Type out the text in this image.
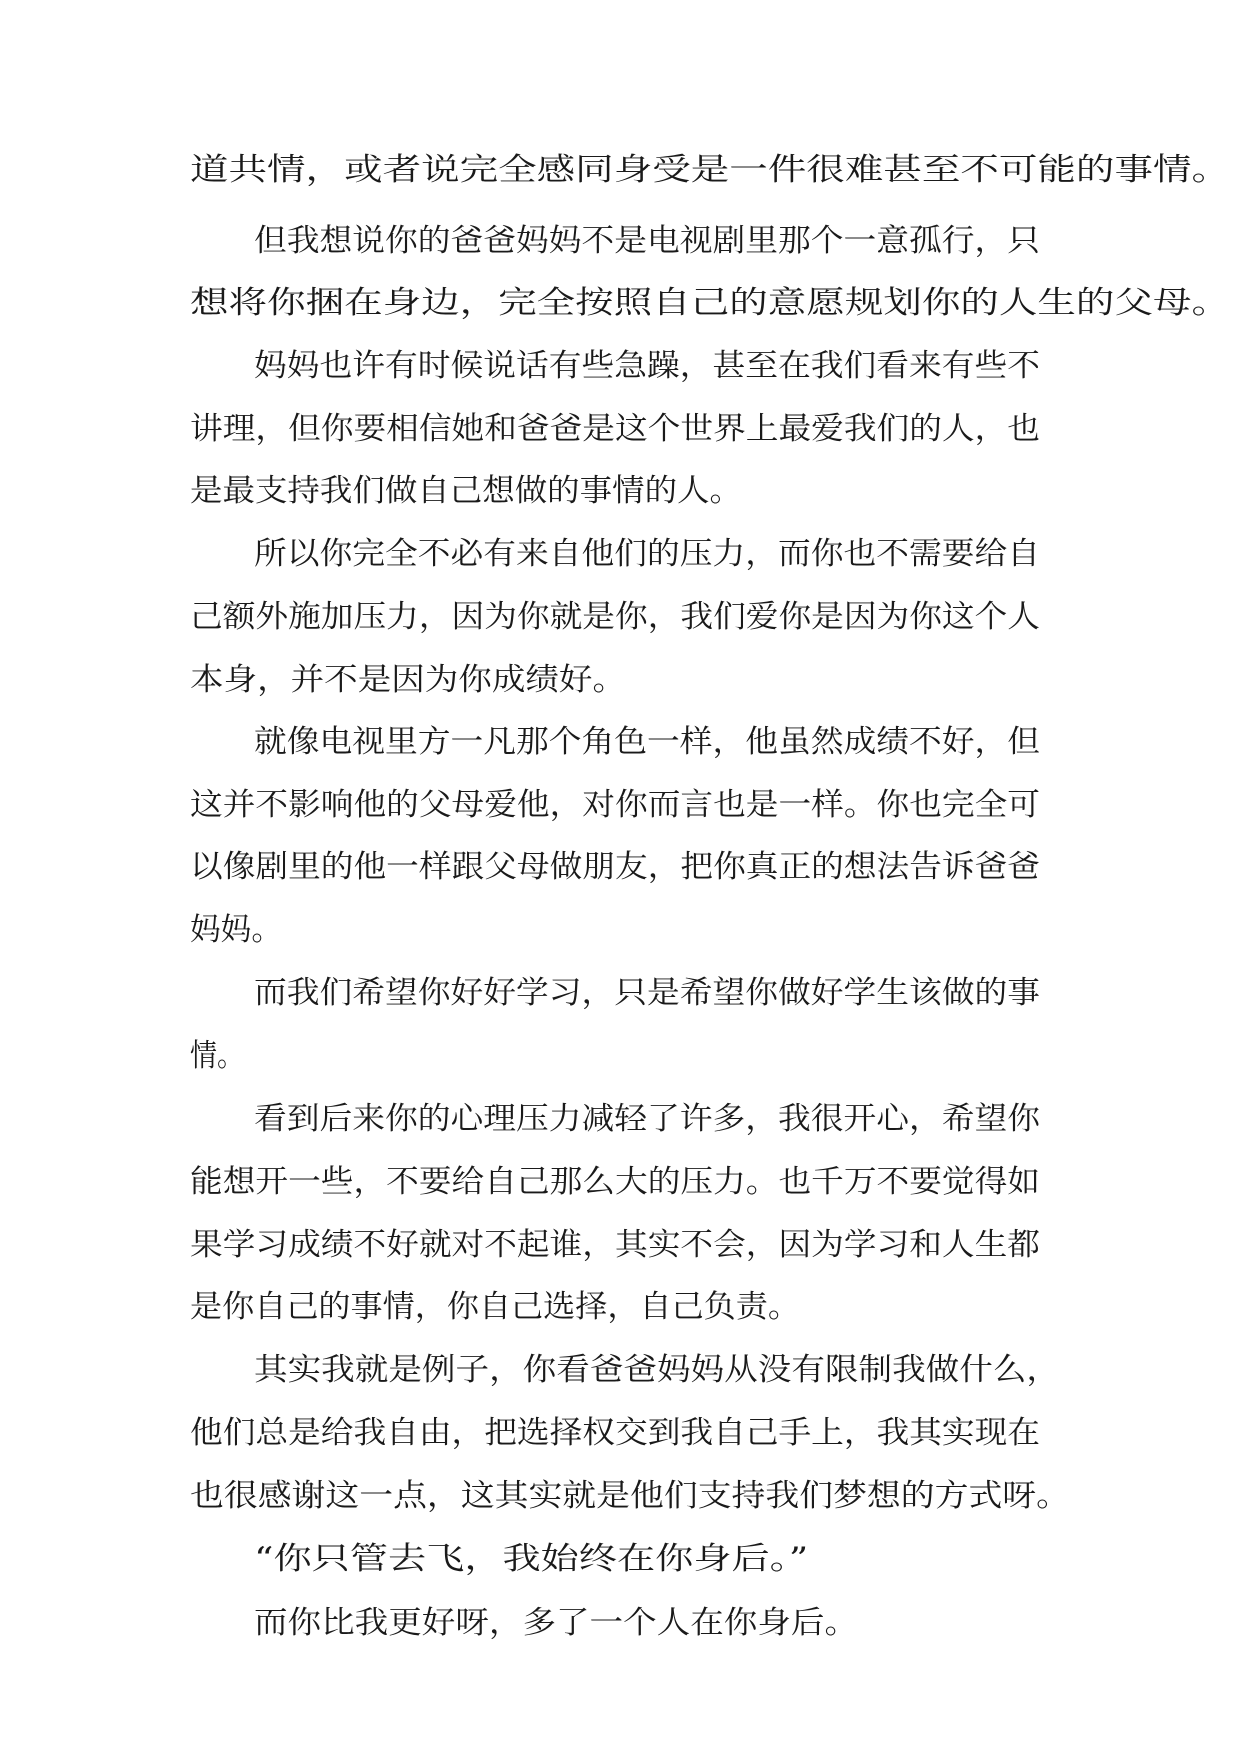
道共情，或者说完全感同身受是一件很难甚至不可能的事情。
但我想说你的爸爸妈妈不是电视剧里那个一意孤行，只
想将你捆在身边，完全按照自己的意愿规划你的人生的父母。
妈妈也许有时候说话有些急躁，甚至在我们看来有些不
讲理，但你要相信她和爸爸是这个世界上最爱我们的人，也
是最支持我们做自己想做的事情的人。
所以你完全不必有来自他们的压力，而你也不需要给自
己额外施加压力，因为你就是你，我们爱你是因为你这个人
本身，并不是因为你成绩好。
就像电视里方一凡那个角色一样，他虽然成绩不好，但
这并不影响他的父母爱他，对你而言也是一样。你也完全可
以像剧里的他一样跟父母做朋友，把你真正的想法告诉爸爸
妈妈。
而我们希望你好好学习，只是希望你做好学生该做的事
情。
看到后来你的心理压力减轻了许多，我很开心，希望你
能想开一些，不要给自己那么大的压力。也千万不要觉得如
果学习成绩不好就对不起谁，其实不会，因为学习和人生都
是你自己的事情，你自己选择，自己负责。
其实我就是例子，你看爸爸妈妈从没有限制我做什么，
他们总是给我自由，把选择权交到我自己手上，我其实现在
也很感谢这一点，这其实就是他们支持我们梦想的方式呀。
“你只管去飞，我始终在你身后。”
而你比我更好呀，多了一个人在你身后。
